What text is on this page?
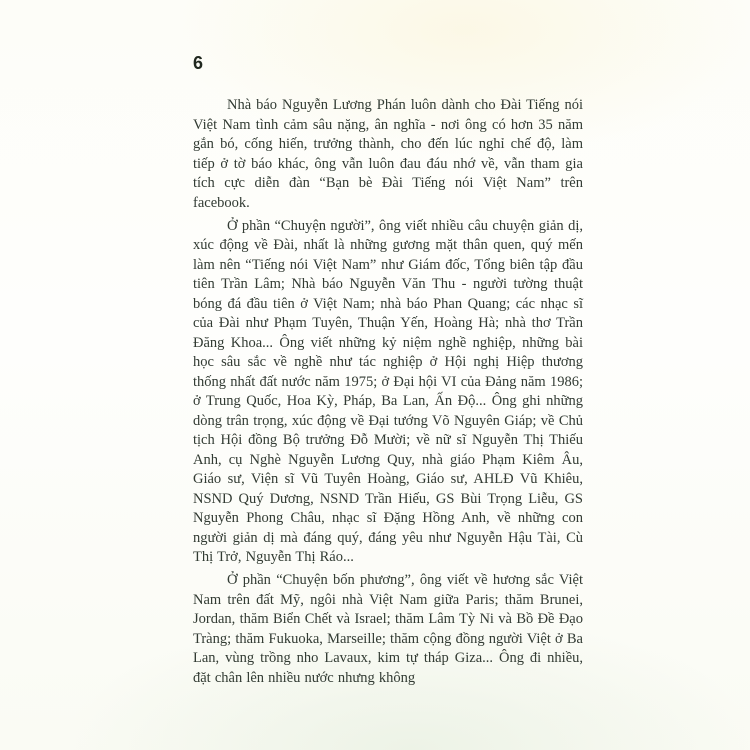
6

Nhà báo Nguyễn Lương Phán luôn dành cho Đài Tiếng nói Việt Nam tình cảm sâu nặng, ân nghĩa - nơi ông có hơn 35 năm gắn bó, cống hiến, trưởng thành, cho đến lúc nghỉ chế độ, làm tiếp ở tờ báo khác, ông vẫn luôn đau đáu nhớ về, vẫn tham gia tích cực diễn đàn “Bạn bè Đài Tiếng nói Việt Nam” trên facebook.

Ở phần “Chuyện người”, ông viết nhiều câu chuyện giản dị, xúc động về Đài, nhất là những gương mặt thân quen, quý mến làm nên “Tiếng nói Việt Nam” như Giám đốc, Tổng biên tập đầu tiên Trần Lâm; Nhà báo Nguyễn Văn Thu - người tường thuật bóng đá đầu tiên ở Việt Nam; nhà báo Phan Quang; các nhạc sĩ của Đài như Phạm Tuyên, Thuận Yến, Hoàng Hà; nhà thơ Trần Đăng Khoa... Ông viết những kỷ niệm nghề nghiệp, những bài học sâu sắc về nghề như tác nghiệp ở Hội nghị Hiệp thương thống nhất đất nước năm 1975; ở Đại hội VI của Đảng năm 1986; ở Trung Quốc, Hoa Kỳ, Pháp, Ba Lan, Ấn Độ... Ông ghi những dòng trân trọng, xúc động về Đại tướng Võ Nguyên Giáp; về Chủ tịch Hội đồng Bộ trưởng Đỗ Mười; về nữ sĩ Nguyễn Thị Thiếu Anh, cụ Nghè Nguyễn Lương Quy, nhà giáo Phạm Kiêm Âu, Giáo sư, Viện sĩ Vũ Tuyên Hoàng, Giáo sư, AHLĐ Vũ Khiêu, NSND Quý Dương, NSND Trần Hiếu, GS Bùi Trọng Liễu, GS Nguyễn Phong Châu, nhạc sĩ Đặng Hồng Anh, về những con người giản dị mà đáng quý, đáng yêu như Nguyễn Hậu Tài, Cù Thị Trở, Nguyễn Thị Ráo...

Ở phần “Chuyện bốn phương”, ông viết về hương sắc Việt Nam trên đất Mỹ, ngôi nhà Việt Nam giữa Paris; thăm Brunei, Jordan, thăm Biển Chết và Israel; thăm Lâm Tỳ Ni và Bồ Đề Đạo Tràng; thăm Fukuoka, Marseille; thăm cộng đồng người Việt ở Ba Lan, vùng trồng nho Lavaux, kim tự tháp Giza... Ông đi nhiều, đặt chân lên nhiều nước nhưng không
